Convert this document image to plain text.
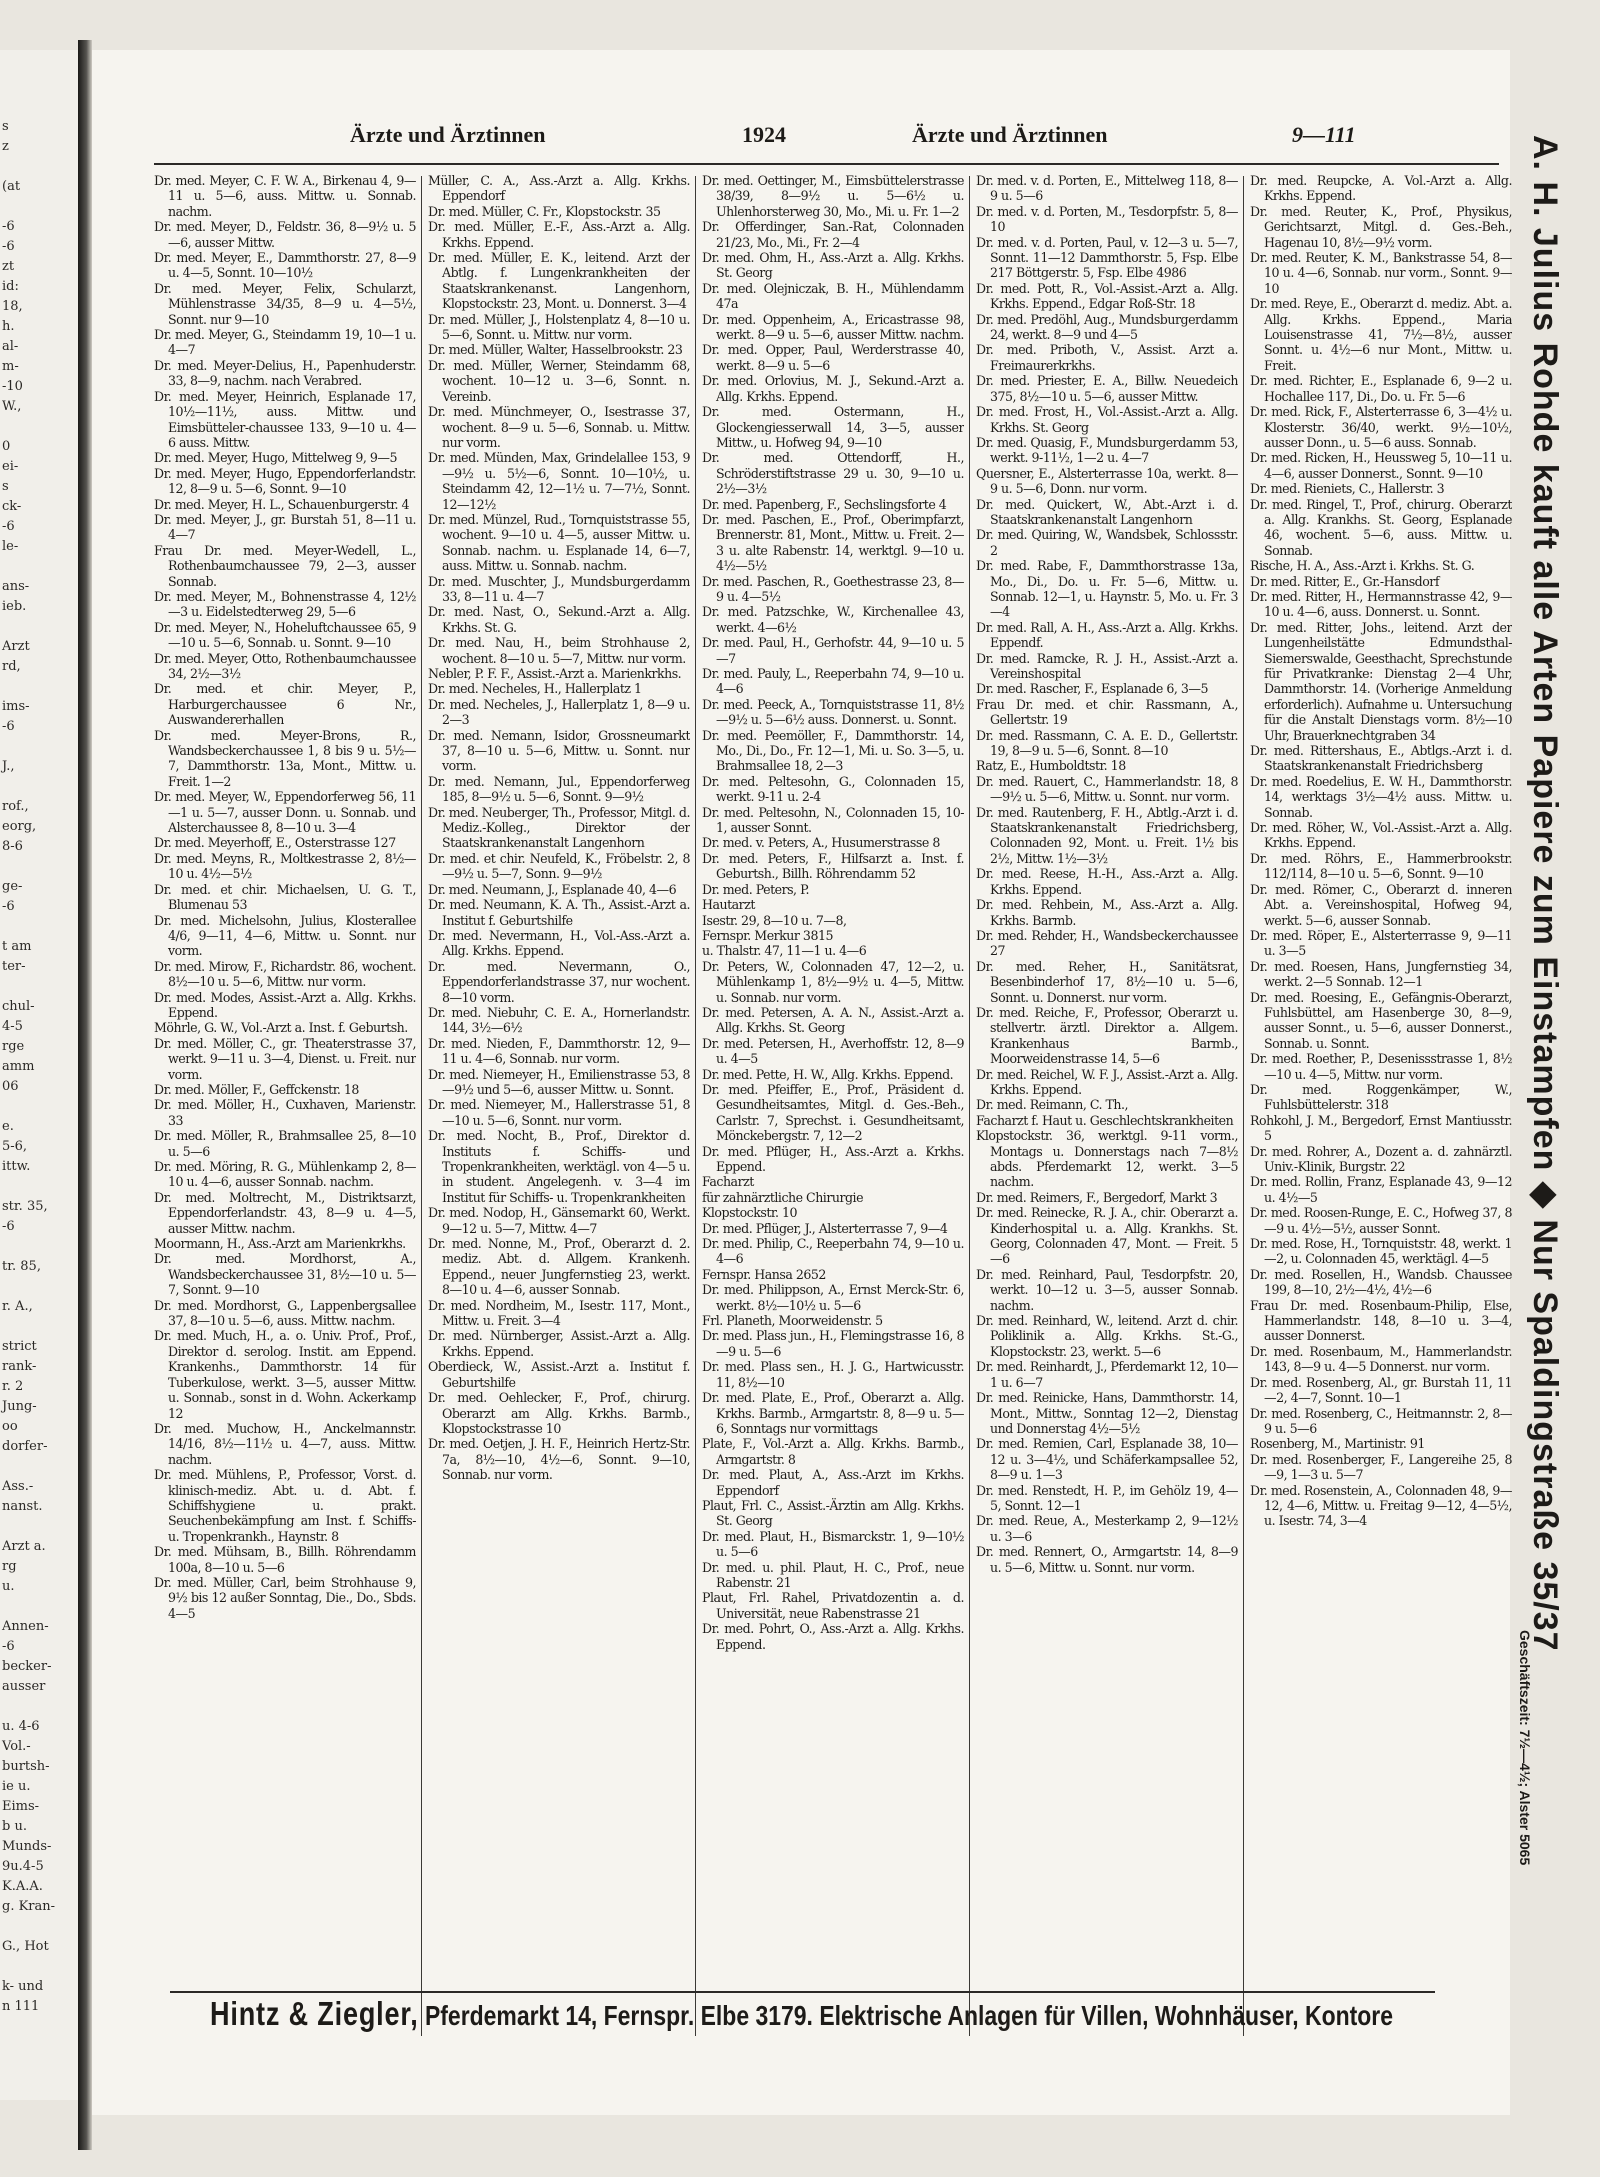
s
z
(at
-6
-6
zt
id:
18,
h.
al-
m-
-10
W.,
0
ei-
s
ck-
-6
le-
ans-
ieb.
Arzt
rd,
ims-
-6
J.,
rof.,
eorg,
8-6
ge-
-6
t am
ter-
chul-
4-5
rge
amm
06
e.
5-6,
ittw.
str. 35,
-6
tr. 85,
r. A.,
strict
rank-
r. 2
Jung-
oo
dorfer-
Ass.-
nanst.
Arzt a.
rg
u.
Annen-
-6
becker-
ausser
u. 4-6
Vol.-
burtsh-
ie u.
Eims-
b u.
Munds-
9u.4-5
K.A.A.
g. Kran-
G., Hot
k- und
n 111
Ärzte und Ärztinnen	1924	Ärzte und Ärztinnen	9—111

Dr. med. Meyer, C. F. W. A., Birkenau 4, 9—11 u. 5—6, auss. Mittw. u. Sonnab. nachm.

Dr. med. Meyer, D., Feldstr. 36, 8—9½ u. 5—6, ausser Mittw.

Dr. med. Meyer, E., Dammthorstr. 27, 8—9 u. 4—5, Sonnt. 10—10½

Dr. med. Meyer, Felix, Schularzt, Mühlenstrasse 34/35, 8—9 u. 4—5½, Sonnt. nur 9—10

Dr. med. Meyer, G., Steindamm 19, 10—1 u. 4—7

Dr. med. Meyer-Delius, H., Papenhuderstr. 33, 8—9, nachm. nach Verabred.

Dr. med. Meyer, Heinrich, Esplanade 17, 10½—11½, auss. Mittw. und Eimsbütteler-chaussee 133, 9—10 u. 4—6 auss. Mittw.

Dr. med. Meyer, Hugo, Mittelweg 9, 9—5

Dr. med. Meyer, Hugo, Eppendorferlandstr. 12, 8—9 u. 5—6, Sonnt. 9—10

Dr. med. Meyer, H. L., Schauenburgerstr. 4

Dr. med. Meyer, J., gr. Burstah 51, 8—11 u. 4—7

Frau Dr. med. Meyer-Wedell, L., Rothenbaumchaussee 79, 2—3, ausser Sonnab.

Dr. med. Meyer, M., Bohnenstrasse 4, 12½—3 u. Eidelstedterweg 29, 5—6

Dr. med. Meyer, N., Hoheluftchaussee 65, 9—10 u. 5—6, Sonnab. u. Sonnt. 9—10

Dr. med. Meyer, Otto, Rothenbaumchaussee 34, 2½—3½

Dr. med. et chir. Meyer, P., Harburgerchaussee 6 Nr., Auswandererhallen

Dr. med. Meyer-Brons, R., Wandsbeckerchaussee 1, 8 bis 9 u. 5½—7, Dammthorstr. 13a, Mont., Mittw. u. Freit. 1—2

Dr. med. Meyer, W., Eppendorferweg 56, 11—1 u. 5—7, ausser Donn. u. Sonnab. und Alsterchaussee 8, 8—10 u. 3—4

Dr. med. Meyerhoff, E., Osterstrasse 127

Dr. med. Meyns, R., Moltkestrasse 2, 8½—10 u. 4½—5½

Dr. med. et chir. Michaelsen, U. G. T., Blumenau 53

Dr. med. Michelsohn, Julius, Klosterallee 4/6, 9—11, 4—6, Mittw. u. Sonnt. nur vorm.

Dr. med. Mirow, F., Richardstr. 86, wochent. 8½—10 u. 5—6, Mittw. nur vorm.

Dr. med. Modes, Assist.-Arzt a. Allg. Krkhs. Eppend.

Möhrle, G. W., Vol.-Arzt a. Inst. f. Geburtsh.

Dr. med. Möller, C., gr. Theaterstrasse 37, werkt. 9—11 u. 3—4, Dienst. u. Freit. nur vorm.

Dr. med. Möller, F., Geffckenstr. 18

Dr. med. Möller, H., Cuxhaven, Marienstr. 33

Dr. med. Möller, R., Brahmsallee 25, 8—10 u. 5—6

Dr. med. Möring, R. G., Mühlenkamp 2, 8—10 u. 4—6, ausser Sonnab. nachm.

Dr. med. Moltrecht, M., Distriktsarzt, Eppendorferlandstr. 43, 8—9 u. 4—5, ausser Mittw. nachm.

Moormann, H., Ass.-Arzt am Marienkrkhs.

Dr. med. Mordhorst, A., Wandsbeckerchaussee 31, 8½—10 u. 5—7, Sonnt. 9—10

Dr. med. Mordhorst, G., Lappenbergsallee 37, 8—10 u. 5—6, auss. Mittw. nachm.

Dr. med. Much, H., a. o. Univ. Prof., Prof., Direktor d. serolog. Instit. am Eppend. Krankenhs., Dammthorstr. 14 für Tuberkulose, werkt. 3—5, ausser Mittw. u. Sonnab., sonst in d. Wohn. Ackerkamp 12

Dr. med. Muchow, H., Anckelmannstr. 14/16, 8½—11½ u. 4—7, auss. Mittw. nachm.

Dr. med. Mühlens, P., Professor, Vorst. d. klinisch-mediz. Abt. u. d. Abt. f. Schiffshygiene u. prakt. Seuchenbekämpfung am Inst. f. Schiffs- u. Tropenkrankh., Haynstr. 8

Dr. med. Mühsam, B., Billh. Röhrendamm 100a, 8—10 u. 5—6

Dr. med. Müller, Carl, beim Strohhause 9, 9½ bis 12 außer Sonntag, Die., Do., Sbds. 4—5

Müller, C. A., Ass.-Arzt a. Allg. Krkhs. Eppendorf

Dr. med. Müller, C. Fr., Klopstockstr. 35

Dr. med. Müller, E.-F., Ass.-Arzt a. Allg. Krkhs. Eppend.

Dr. med. Müller, E. K., leitend. Arzt der Abtlg. f. Lungenkrankheiten der Staatskrankenanst. Langenhorn, Klopstockstr. 23, Mont. u. Donnerst. 3—4

Dr. med. Müller, J., Holstenplatz 4, 8—10 u. 5—6, Sonnt. u. Mittw. nur vorm.

Dr. med. Müller, Walter, Hasselbrookstr. 23

Dr. med. Müller, Werner, Steindamm 68, wochent. 10—12 u. 3—6, Sonnt. n. Vereinb.

Dr. med. Münchmeyer, O., Isestrasse 37, wochent. 8—9 u. 5—6, Sonnab. u. Mittw. nur vorm.

Dr. med. Münden, Max, Grindelallee 153, 9—9½ u. 5½—6, Sonnt. 10—10½, u. Steindamm 42, 12—1½ u. 7—7½, Sonnt. 12—12½

Dr. med. Münzel, Rud., Tornquiststrasse 55, wochent. 9—10 u. 4—5, ausser Mittw. u. Sonnab. nachm. u. Esplanade 14, 6—7, auss. Mittw. u. Sonnab. nachm.

Dr. med. Muschter, J., Mundsburgerdamm 33, 8—11 u. 4—7

Dr. med. Nast, O., Sekund.-Arzt a. Allg. Krkhs. St. G.

Dr. med. Nau, H., beim Strohhause 2, wochent. 8—10 u. 5—7, Mittw. nur vorm.

Nebler, P. F. F., Assist.-Arzt a. Marienkrkhs.

Dr. med. Necheles, H., Hallerplatz 1

Dr. med. Necheles, J., Hallerplatz 1, 8—9 u. 2—3

Dr. med. Nemann, Isidor, Grossneumarkt 37, 8—10 u. 5—6, Mittw. u. Sonnt. nur vorm.

Dr. med. Nemann, Jul., Eppendorferweg 185, 8—9½ u. 5—6, Sonnt. 9—9½

Dr. med. Neuberger, Th., Professor, Mitgl. d. Mediz.-Kolleg., Direktor der Staatskrankenanstalt Langenhorn

Dr. med. et chir. Neufeld, K., Fröbelstr. 2, 8—9½ u. 5—7, Sonn. 9—9½

Dr. med. Neumann, J., Esplanade 40, 4—6

Dr. med. Neumann, K. A. Th., Assist.-Arzt a. Institut f. Geburtshilfe

Dr. med. Nevermann, H., Vol.-Ass.-Arzt a. Allg. Krkhs. Eppend.

Dr. med. Nevermann, O., Eppendorferlandstrasse 37, nur wochent. 8—10 vorm.

Dr. med. Niebuhr, C. E. A., Hornerlandstr. 144, 3½—6½

Dr. med. Nieden, F., Dammthorstr. 12, 9—11 u. 4—6, Sonnab. nur vorm.

Dr. med. Niemeyer, H., Emilienstrasse 53, 8—9½ und 5—6, ausser Mittw. u. Sonnt.

Dr. med. Niemeyer, M., Hallerstrasse 51, 8—10 u. 5—6, Sonnt. nur vorm.

Dr. med. Nocht, B., Prof., Direktor d. Instituts f. Schiffs- und Tropenkrankheiten, werktägl. von 4—5 u. in student. Angelegenh. v. 3—4 im Institut für Schiffs- u. Tropenkrankheiten

Dr. med. Nodop, H., Gänsemarkt 60, Werkt. 9—12 u. 5—7, Mittw. 4—7

Dr. med. Nonne, M., Prof., Oberarzt d. 2. mediz. Abt. d. Allgem. Krankenh. Eppend., neuer Jungfernstieg 23, werkt. 8—10 u. 4—6, ausser Sonnab.

Dr. med. Nordheim, M., Isestr. 117, Mont., Mittw. u. Freit. 3—4

Dr. med. Nürnberger, Assist.-Arzt a. Allg. Krkhs. Eppend.

Oberdieck, W., Assist.-Arzt a. Institut f. Geburtshilfe

Dr. med. Oehlecker, F., Prof., chirurg. Oberarzt am Allg. Krkhs. Barmb., Klopstockstrasse 10

Dr. med. Oetjen, J. H. F., Heinrich Hertz-Str. 7a, 8½—10, 4½—6, Sonnt. 9—10, Sonnab. nur vorm.

Dr. med. Oettinger, M., Eimsbüttelerstrasse 38/39, 8—9½ u. 5—6½ u. Uhlenhorsterweg 30, Mo., Mi. u. Fr. 1—2

Dr. Offerdinger, San.-Rat, Colonnaden 21/23, Mo., Mi., Fr. 2—4

Dr. med. Ohm, H., Ass.-Arzt a. Allg. Krkhs. St. Georg

Dr. med. Olejniczak, B. H., Mühlendamm 47a

Dr. med. Oppenheim, A., Ericastrasse 98, werkt. 8—9 u. 5—6, ausser Mittw. nachm.

Dr. med. Opper, Paul, Werderstrasse 40, werkt. 8—9 u. 5—6

Dr. med. Orlovius, M. J., Sekund.-Arzt a. Allg. Krkhs. Eppend.

Dr. med. Ostermann, H., Glockengiesserwall 14, 3—5, ausser Mittw., u. Hofweg 94, 9—10

Dr. med. Ottendorff, H., Schröderstiftstrasse 29 u. 30, 9—10 u. 2½—3½

Dr. med. Papenberg, F., Sechslingsforte 4

Dr. med. Paschen, E., Prof., Oberimpfarzt, Brennerstr. 81, Mont., Mittw. u. Freit. 2—3 u. alte Rabenstr. 14, werktgl. 9—10 u. 4½—5½

Dr. med. Paschen, R., Goethestrasse 23, 8—9 u. 4—5½

Dr. med. Patzschke, W., Kirchenallee 43, werkt. 4—6½

Dr. med. Paul, H., Gerhofstr. 44, 9—10 u. 5—7

Dr. med. Pauly, L., Reeperbahn 74, 9—10 u. 4—6

Dr. med. Peeck, A., Tornquiststrasse 11, 8½—9½ u. 5—6½ auss. Donnerst. u. Sonnt.

Dr. med. Peemöller, F., Dammthorstr. 14, Mo., Di., Do., Fr. 12—1, Mi. u. So. 3—5, u. Brahmsallee 18, 2—3

Dr. med. Peltesohn, G., Colonnaden 15, werkt. 9-11 u. 2-4

Dr. med. Peltesohn, N., Colonnaden 15, 10-1, ausser Sonnt.

Dr. med. v. Peters, A., Husumerstrasse 8

Dr. med. Peters, F., Hilfsarzt a. Inst. f. Geburtsh., Billh. Röhrendamm 52

Dr. med. Peters, P.

Hautarzt

Isestr. 29, 8—10 u. 7—8,

Fernspr. Merkur 3815

u. Thalstr. 47, 11—1 u. 4—6

Dr. Peters, W., Colonnaden 47, 12—2, u. Mühlenkamp 1, 8½—9½ u. 4—5, Mittw. u. Sonnab. nur vorm.

Dr. med. Petersen, A. A. N., Assist.-Arzt a. Allg. Krkhs. St. Georg

Dr. med. Petersen, H., Averhoffstr. 12, 8—9 u. 4—5

Dr. med. Pette, H. W., Allg. Krkhs. Eppend.

Dr. med. Pfeiffer, E., Prof., Präsident d. Gesundheitsamtes, Mitgl. d. Ges.-Beh., Carlstr. 7, Sprechst. i. Gesundheitsamt, Mönckebergstr. 7, 12—2

Dr. med. Pflüger, H., Ass.-Arzt a. Krkhs. Eppend.

Facharzt

für zahnärztliche Chirurgie

Klopstockstr. 10

Dr. med. Pflüger, J., Alsterterrasse 7, 9—4

Dr. med. Philip, C., Reeperbahn 74, 9—10 u. 4—6

Fernspr. Hansa 2652

Dr. med. Philippson, A., Ernst Merck-Str. 6, werkt. 8½—10½ u. 5—6

Frl. Planeth, Moorweidenstr. 5

Dr. med. Plass jun., H., Flemingstrasse 16, 8—9 u. 5—6

Dr. med. Plass sen., H. J. G., Hartwicusstr. 11, 8½—10

Dr. med. Plate, E., Prof., Oberarzt a. Allg. Krkhs. Barmb., Armgartstr. 8, 8—9 u. 5—6, Sonntags nur vormittags

Plate, F., Vol.-Arzt a. Allg. Krkhs. Barmb., Armgartstr. 8

Dr. med. Plaut, A., Ass.-Arzt im Krkhs. Eppendorf

Plaut, Frl. C., Assist.-Ärztin am Allg. Krkhs. St. Georg

Dr. med. Plaut, H., Bismarckstr. 1, 9—10½ u. 5—6

Dr. med. u. phil. Plaut, H. C., Prof., neue Rabenstr. 21

Plaut, Frl. Rahel, Privatdozentin a. d. Universität, neue Rabenstrasse 21

Dr. med. Pohrt, O., Ass.-Arzt a. Allg. Krkhs. Eppend.

Dr. med. v. d. Porten, E., Mittelweg 118, 8—9 u. 5—6

Dr. med. v. d. Porten, M., Tesdorpfstr. 5, 8—10

Dr. med. v. d. Porten, Paul, v. 12—3 u. 5—7, Sonnt. 11—12 Dammthorstr. 5, Fsp. Elbe 217 Böttgerstr. 5, Fsp. Elbe 4986

Dr. med. Pott, R., Vol.-Assist.-Arzt a. Allg. Krkhs. Eppend., Edgar Roß-Str. 18

Dr. med. Predöhl, Aug., Mundsburgerdamm 24, werkt. 8—9 und 4—5

Dr. med. Priboth, V., Assist. Arzt a. Freimaurerkrkhs.

Dr. med. Priester, E. A., Billw. Neuedeich 375, 8½—10 u. 5—6, ausser Mittw.

Dr. med. Frost, H., Vol.-Assist.-Arzt a. Allg. Krkhs. St. Georg

Dr. med. Quasig, F., Mundsburgerdamm 53, werkt. 9-11½, 1—2 u. 4—7

Quersner, E., Alsterterrasse 10a, werkt. 8—9 u. 5—6, Donn. nur vorm.

Dr. med. Quickert, W., Abt.-Arzt i. d. Staatskrankenanstalt Langenhorn

Dr. med. Quiring, W., Wandsbek, Schlossstr. 2

Dr. med. Rabe, F., Dammthorstrasse 13a, Mo., Di., Do. u. Fr. 5—6, Mittw. u. Sonnab. 12—1, u. Haynstr. 5, Mo. u. Fr. 3—4

Dr. med. Rall, A. H., Ass.-Arzt a. Allg. Krkhs. Eppendf.

Dr. med. Ramcke, R. J. H., Assist.-Arzt a. Vereinshospital

Dr. med. Rascher, F., Esplanade 6, 3—5

Frau Dr. med. et chir. Rassmann, A., Gellertstr. 19

Dr. med. Rassmann, C. A. E. D., Gellertstr. 19, 8—9 u. 5—6, Sonnt. 8—10

Ratz, E., Humboldtstr. 18

Dr. med. Rauert, C., Hammerlandstr. 18, 8—9½ u. 5—6, Mittw. u. Sonnt. nur vorm.

Dr. med. Rautenberg, F. H., Abtlg.-Arzt i. d. Staatskrankenanstalt Friedrichsberg, Colonnaden 92, Mont. u. Freit. 1½ bis 2½, Mittw. 1½—3½

Dr. med. Reese, H.-H., Ass.-Arzt a. Allg. Krkhs. Eppend.

Dr. med. Rehbein, M., Ass.-Arzt a. Allg. Krkhs. Barmb.

Dr. med. Rehder, H., Wandsbeckerchaussee 27

Dr. med. Reher, H., Sanitätsrat, Besenbinderhof 17, 8½—10 u. 5—6, Sonnt. u. Donnerst. nur vorm.

Dr. med. Reiche, F., Professor, Oberarzt u. stellvertr. ärztl. Direktor a. Allgem. Krankenhaus Barmb., Moorweidenstrasse 14, 5—6

Dr. med. Reichel, W. F. J., Assist.-Arzt a. Allg. Krkhs. Eppend.

Dr. med. Reimann, C. Th.,

Facharzt f. Haut u. Geschlechtskrankheiten

Klopstockstr. 36, werktgl. 9-11 vorm., Montags u. Donnerstags nach 7—8½ abds. Pferdemarkt 12, werkt. 3—5 nachm.

Dr. med. Reimers, F., Bergedorf, Markt 3

Dr. med. Reinecke, R. J. A., chir. Oberarzt a. Kinderhospital u. a. Allg. Krankhs. St. Georg, Colonnaden 47, Mont. — Freit. 5—6

Dr. med. Reinhard, Paul, Tesdorpfstr. 20, werkt. 10—12 u. 3—5, ausser Sonnab. nachm.

Dr. med. Reinhard, W., leitend. Arzt d. chir. Poliklinik a. Allg. Krkhs. St.-G., Klopstockstr. 23, werkt. 5—6

Dr. med. Reinhardt, J., Pferdemarkt 12, 10—1 u. 6—7

Dr. med. Reinicke, Hans, Dammthorstr. 14, Mont., Mittw., Sonntag 12—2, Dienstag und Donnerstag 4½—5½

Dr. med. Remien, Carl, Esplanade 38, 10—12 u. 3—4½, und Schäferkampsallee 52, 8—9 u. 1—3

Dr. med. Renstedt, H. P., im Gehölz 19, 4—5, Sonnt. 12—1

Dr. med. Reue, A., Mesterkamp 2, 9—12½ u. 3—6

Dr. med. Rennert, O., Armgartstr. 14, 8—9 u. 5—6, Mittw. u. Sonnt. nur vorm.

Dr. med. Reupcke, A. Vol.-Arzt a. Allg. Krkhs. Eppend.

Dr. med. Reuter, K., Prof., Physikus, Gerichtsarzt, Mitgl. d. Ges.-Beh., Hagenau 10, 8½—9½ vorm.

Dr. med. Reuter, K. M., Bankstrasse 54, 8—10 u. 4—6, Sonnab. nur vorm., Sonnt. 9—10

Dr. med. Reye, E., Oberarzt d. mediz. Abt. a. Allg. Krkhs. Eppend., Maria Louisenstrasse 41, 7½—8½, ausser Sonnt. u. 4½—6 nur Mont., Mittw. u. Freit.

Dr. med. Richter, E., Esplanade 6, 9—2 u. Hochallee 117, Di., Do. u. Fr. 5—6

Dr. med. Rick, F., Alsterterrasse 6, 3—4½ u. Klosterstr. 36/40, werkt. 9½—10½, ausser Donn., u. 5—6 auss. Sonnab.

Dr. med. Ricken, H., Heussweg 5, 10—11 u. 4—6, ausser Donnerst., Sonnt. 9—10

Dr. med. Rieniets, C., Hallerstr. 3

Dr. med. Ringel, T., Prof., chirurg. Oberarzt a. Allg. Krankhs. St. Georg, Esplanade 46, wochent. 5—6, auss. Mittw. u. Sonnab.

Rische, H. A., Ass.-Arzt i. Krkhs. St. G.

Dr. med. Ritter, E., Gr.-Hansdorf

Dr. med. Ritter, H., Hermannstrasse 42, 9—10 u. 4—6, auss. Donnerst. u. Sonnt.

Dr. med. Ritter, Johs., leitend. Arzt der Lungenheilstätte Edmundsthal-Siemerswalde, Geesthacht, Sprechstunde für Privatkranke: Dienstag 2—4 Uhr, Dammthorstr. 14. (Vorherige Anmeldung erforderlich). Aufnahme u. Untersuchung für die Anstalt Dienstags vorm. 8½—10 Uhr, Brauerknechtgraben 34

Dr. med. Rittershaus, E., Abtlgs.-Arzt i. d. Staatskrankenanstalt Friedrichsberg

Dr. med. Roedelius, E. W. H., Dammthorstr. 14, werktags 3½—4½ auss. Mittw. u. Sonnab.

Dr. med. Röher, W., Vol.-Assist.-Arzt a. Allg. Krkhs. Eppend.

Dr. med. Röhrs, E., Hammerbrookstr. 112/114, 8—10 u. 5—6, Sonnt. 9—10

Dr. med. Römer, C., Oberarzt d. inneren Abt. a. Vereinshospital, Hofweg 94, werkt. 5—6, ausser Sonnab.

Dr. med. Röper, E., Alsterterrasse 9, 9—11 u. 3—5

Dr. med. Roesen, Hans, Jungfernstieg 34, werkt. 2—5 Sonnab. 12—1

Dr. med. Roesing, E., Gefängnis-Oberarzt, Fuhlsbüttel, am Hasenberge 30, 8—9, ausser Sonnt., u. 5—6, ausser Donnerst., Sonnab. u. Sonnt.

Dr. med. Roether, P., Desenissstrasse 1, 8½—10 u. 4—5, Mittw. nur vorm.

Dr. med. Roggenkämper, W., Fuhlsbüttelerstr. 318

Rohkohl, J. M., Bergedorf, Ernst Mantiusstr. 5

Dr. med. Rohrer, A., Dozent a. d. zahnärztl. Univ.-Klinik, Burgstr. 22

Dr. med. Rollin, Franz, Esplanade 43, 9—12 u. 4½—5

Dr. med. Roosen-Runge, E. C., Hofweg 37, 8—9 u. 4½—5½, ausser Sonnt.

Dr. med. Rose, H., Tornquiststr. 48, werkt. 1—2, u. Colonnaden 45, werktägl. 4—5

Dr. med. Rosellen, H., Wandsb. Chaussee 199, 8—10, 2½—4½, 4½—6

Frau Dr. med. Rosenbaum-Philip, Else, Hammerlandstr. 148, 8—10 u. 3—4, ausser Donnerst.

Dr. med. Rosenbaum, M., Hammerlandstr. 143, 8—9 u. 4—5 Donnerst. nur vorm.

Dr. med. Rosenberg, Al., gr. Burstah 11, 11—2, 4—7, Sonnt. 10—1

Dr. med. Rosenberg, C., Heitmannstr. 2, 8—9 u. 5—6

Rosenberg, M., Martinistr. 91

Dr. med. Rosenberger, F., Langereihe 25, 8—9, 1—3 u. 5—7

Dr. med. Rosenstein, A., Colonnaden 48, 9—12, 4—6, Mittw. u. Freitag 9—12, 4—5½, u. Isestr. 74, 3—4	A. H. Julius Rohde kauft alle Arten Papiere zum Einstampfen ◆ Nur Spaldingstraße 35/37
Geschäftszeit: 7½—4½; Alster 5065
Hintz & Ziegler, Pferdemarkt 14, Fernspr. Elbe 3179. Elektrische Anlagen für Villen, Wohnhäuser, Kontore
